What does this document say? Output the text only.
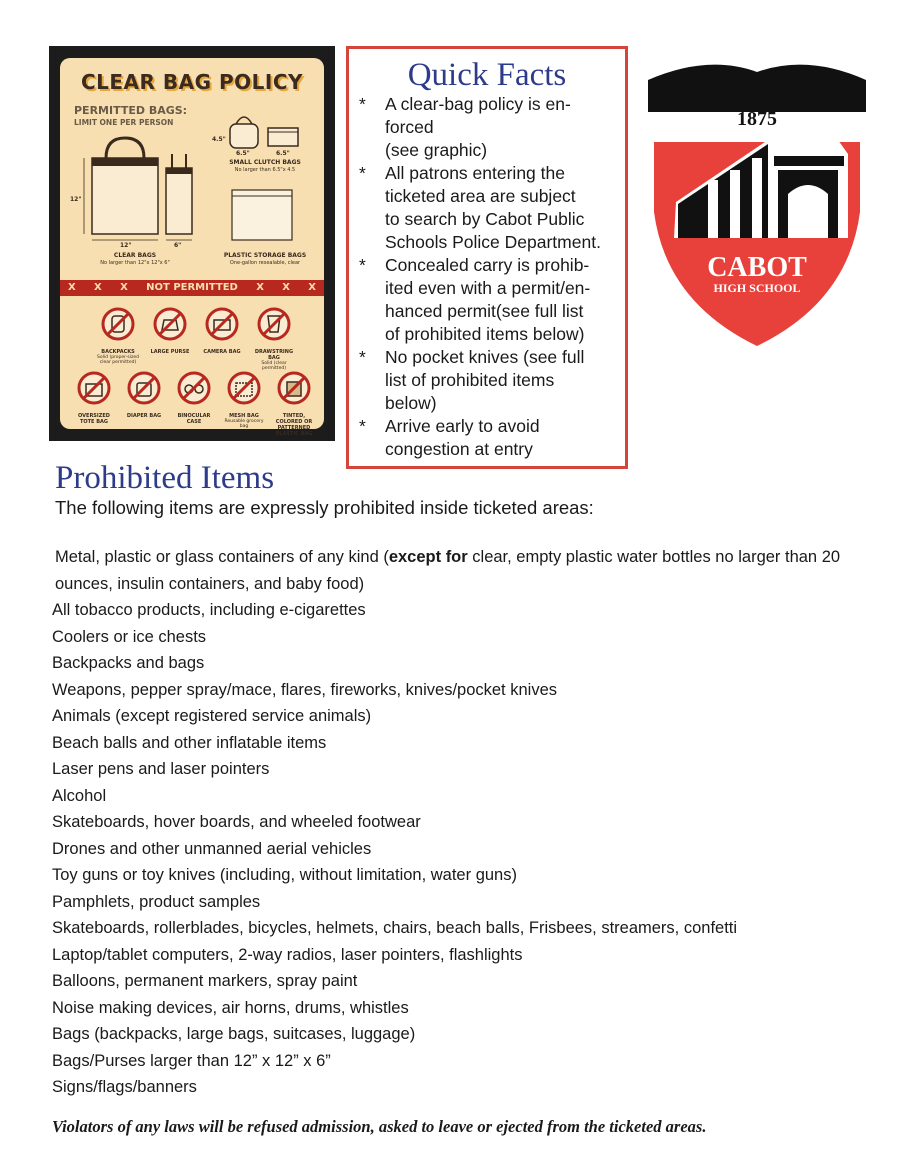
CLEAR BAG POLICY

PERMITTED BAGS:

LIMIT ONE PER PERSON

12"
12"	6"
4.5"
6.5"	6.5"
SMALL CLUTCH BAGS
No larger than 6.5"x 4.5
CLEAR BAGS
No larger than 12"x 12"x 6"
PLASTIC STORAGE BAGS
One-gallon resealable, clear
X X X NOT PERMITTED X X X
BACKPACKS
Solid (proper-sized clear permitted)
LARGE PURSE	CAMERA BAG	DRAWSTRING BAG
Solid (clear permitted)
OVERSIZED TOTE BAG
DIAPER BAG	BINOCULAR CASE
MESH BAG
Reusable grocery bag
TINTED, COLORED OR PATTERNED PLASTIC BAG
Quick Facts
* A clear-bag policy is en-
forced
(see graphic)
* All patrons entering the
ticketed area are subject
to search by Cabot Public
Schools Police Department.
* Concealed carry is prohib-
ited even with a permit/en-
hanced permit(see full list
of prohibited items below)
* No pocket knives (see full
list of prohibited items
below)
* Arrive early to avoid
congestion at entry
1875
CABOT
HIGH SCHOOL
Prohibited Items

The following items are expressly prohibited inside ticketed areas:

Metal, plastic or glass containers of any kind (except for clear, empty plastic water bottles no larger than 20 ounces, insulin containers, and baby food)
All tobacco products, including e-cigarettes
Coolers or ice chests
Backpacks and bags
Weapons, pepper spray/mace, flares, fireworks, knives/pocket knives
Animals (except registered service animals)
Beach balls and other inflatable items
Laser pens and laser pointers
Alcohol
Skateboards, hover boards, and wheeled footwear
Drones and other unmanned aerial vehicles
Toy guns or toy knives (including, without limitation, water guns)
Pamphlets, product samples
Skateboards, rollerblades, bicycles, helmets, chairs, beach balls, Frisbees, streamers, confetti
Laptop/tablet computers, 2-way radios, laser pointers, flashlights
Balloons, permanent markers, spray paint
Noise making devices, air horns, drums, whistles
Bags (backpacks, large bags, suitcases, luggage)
Bags/Purses larger than 12” x 12” x 6”
Signs/flags/banners

Violators of any laws will be refused admission, asked to leave or ejected from the ticketed areas.
